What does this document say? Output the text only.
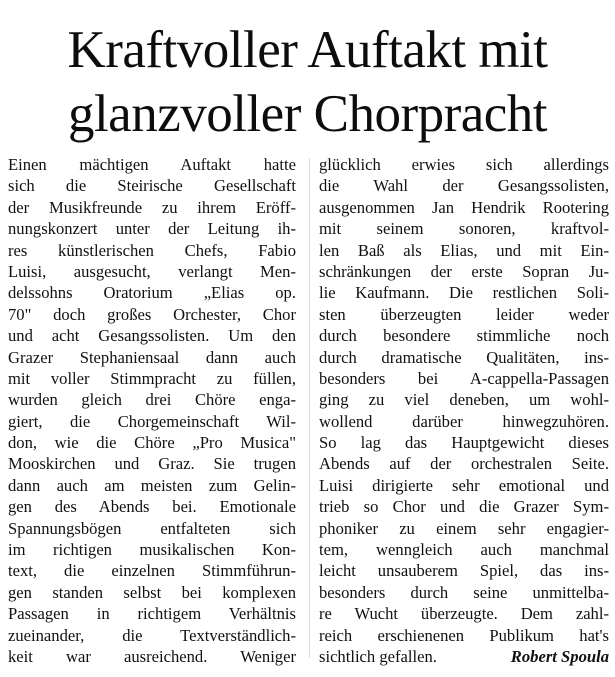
Kraftvoller Auftakt mit
glanzvoller Chorpracht
Einen mächtigen Auftakt hatte
sich die Steirische Gesellschaft
der Musikfreunde zu ihrem Eröff-
nungskonzert unter der Leitung ih-
res künstlerischen Chefs, Fabio
Luisi, ausgesucht, verlangt Men-
delssohns Oratorium „Elias op.
70" doch großes Orchester, Chor
und acht Gesangssolisten. Um den
Grazer Stephaniensaal dann auch
mit voller Stimmpracht zu füllen,
wurden gleich drei Chöre enga-
giert, die Chorgemeinschaft Wil-
don, wie die Chöre „Pro Musica"
Mooskirchen und Graz. Sie trugen
dann auch am meisten zum Gelin-
gen des Abends bei. Emotionale
Spannungsbögen entfalteten sich
im richtigen musikalischen Kon-
text, die einzelnen Stimmführun-
gen standen selbst bei komplexen
Passagen in richtigem Verhältnis
zueinander, die Textverständlich-
keit war ausreichend. Weniger
glücklich erwies sich allerdings
die Wahl der Gesangssolisten,
ausgenommen Jan Hendrik Rootering
mit seinem sonoren, kraftvol-
len Baß als Elias, und mit Ein-
schränkungen der erste Sopran Ju-
lie Kaufmann. Die restlichen Soli-
sten überzeugten leider weder
durch besondere stimmliche noch
durch dramatische Qualitäten, ins-
besonders bei A-cappella-Passagen
ging zu viel deneben, um wohl-
wollend darüber hinwegzuhören.
So lag das Hauptgewicht dieses
Abends auf der orchestralen Seite.
Luisi dirigierte sehr emotional und
trieb so Chor und die Grazer Sym-
phoniker zu einem sehr engagier-
tem, wenngleich auch manchmal
leicht unsauberem Spiel, das ins-
besonders durch seine unmittelba-
re Wucht überzeugte. Dem zahl-
reich erschienenen Publikum hat's
sichtlich gefallen.	Robert Spoula
